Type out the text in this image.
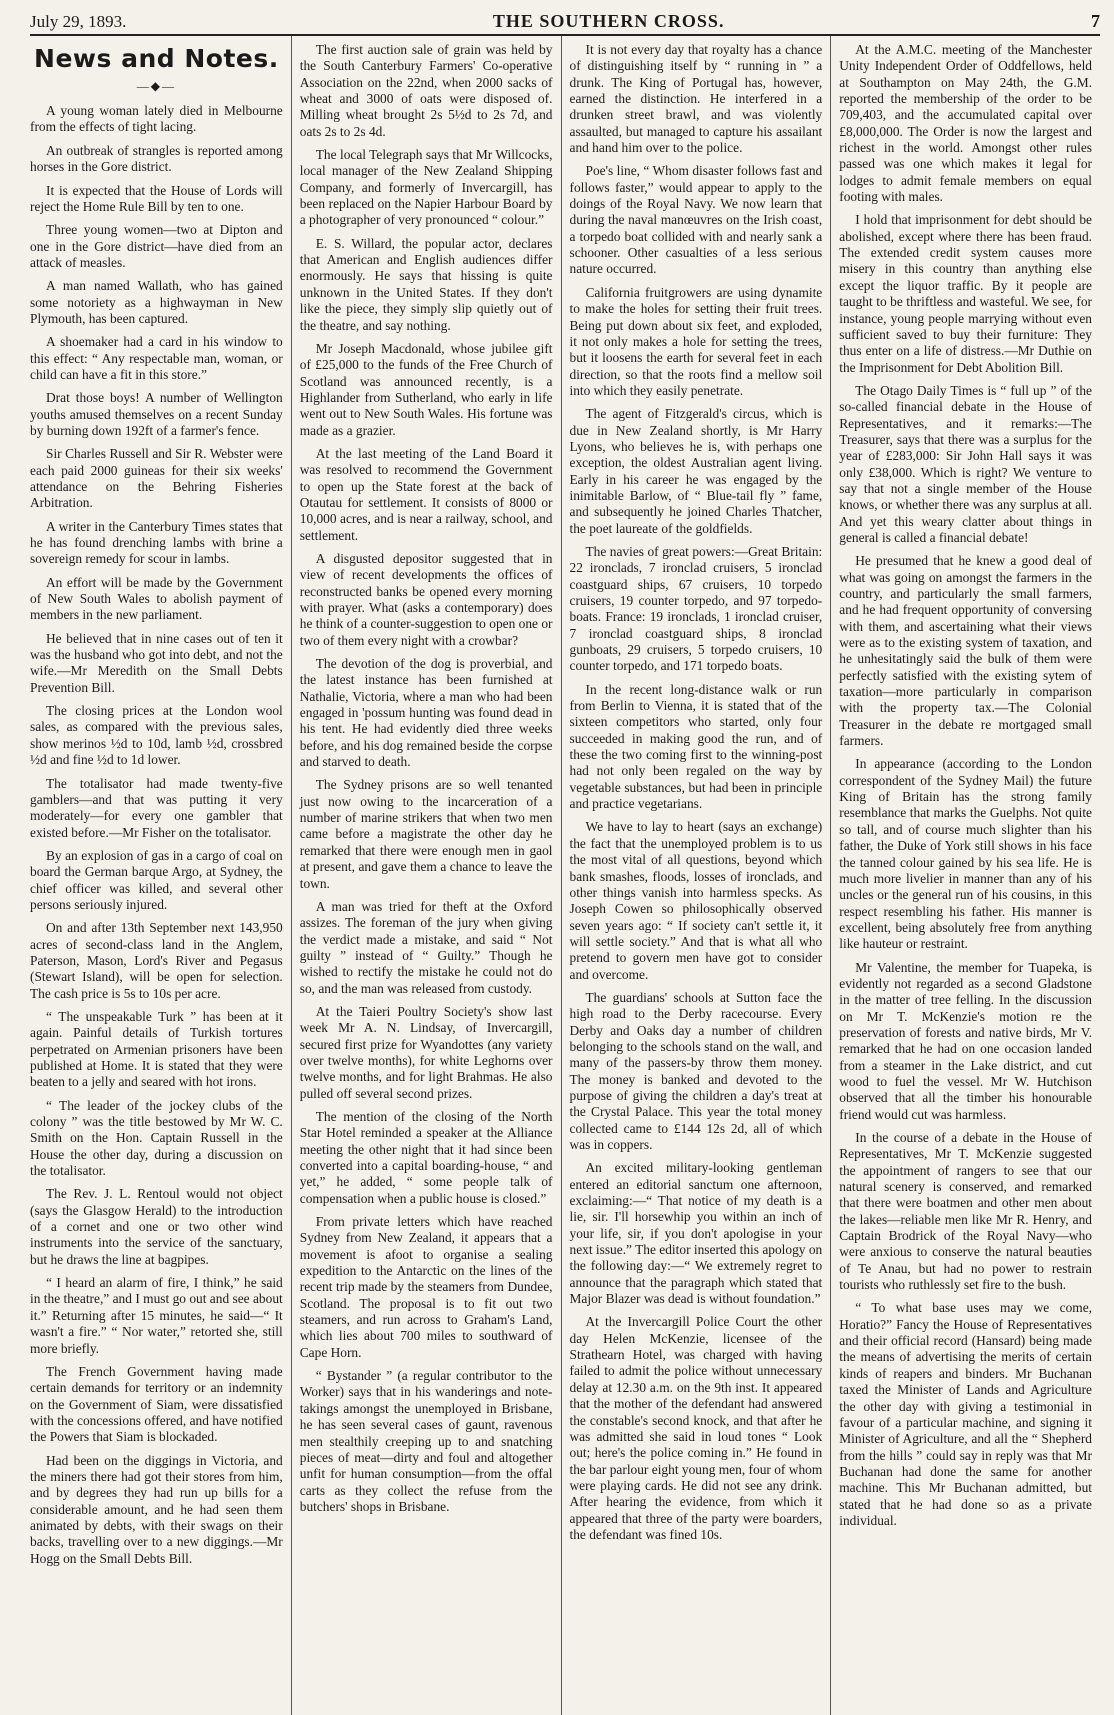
July 29, 1893.	THE SOUTHERN CROSS.	7
News and Notes.
—◆—

A young woman lately died in Melbourne from the effects of tight lacing.

An outbreak of strangles is reported among horses in the Gore district.

It is expected that the House of Lords will reject the Home Rule Bill by ten to one.

Three young women—two at Dipton and one in the Gore district—have died from an attack of measles.

A man named Wallath, who has gained some notoriety as a highwayman in New Plymouth, has been captured.

A shoemaker had a card in his window to this effect: “ Any respectable man, woman, or child can have a fit in this store.”

Drat those boys! A number of Wellington youths amused themselves on a recent Sunday by burning down 192ft of a farmer's fence.

Sir Charles Russell and Sir R. Webster were each paid 2000 guineas for their six weeks' attendance on the Behring Fisheries Arbitration.

A writer in the Canterbury Times states that he has found drenching lambs with brine a sovereign remedy for scour in lambs.

An effort will be made by the Government of New South Wales to abolish payment of members in the new parliament.

He believed that in nine cases out of ten it was the husband who got into debt, and not the wife.—Mr Meredith on the Small Debts Prevention Bill.

The closing prices at the London wool sales, as compared with the previous sales, show merinos ½d to 10d, lamb ½d, crossbred ½d and fine ½d to 1d lower.

The totalisator had made twenty-five gamblers—and that was putting it very moderately—for every one gambler that existed before.—Mr Fisher on the totalisator.

By an explosion of gas in a cargo of coal on board the German barque Argo, at Sydney, the chief officer was killed, and several other persons seriously injured.

On and after 13th September next 143,950 acres of second-class land in the Anglem, Paterson, Mason, Lord's River and Pegasus (Stewart Island), will be open for selection. The cash price is 5s to 10s per acre.

“ The unspeakable Turk ” has been at it again. Painful details of Turkish tortures perpetrated on Armenian prisoners have been published at Home. It is stated that they were beaten to a jelly and seared with hot irons.

“ The leader of the jockey clubs of the colony ” was the title bestowed by Mr W. C. Smith on the Hon. Captain Russell in the House the other day, during a discussion on the totalisator.

The Rev. J. L. Rentoul would not object (says the Glasgow Herald) to the introduction of a cornet and one or two other wind instruments into the service of the sanctuary, but he draws the line at bagpipes.

“ I heard an alarm of fire, I think,” he said in the theatre,” and I must go out and see about it.” Returning after 15 minutes, he said—“ It wasn't a fire.” “ Nor water,” retorted she, still more briefly.

The French Government having made certain demands for territory or an indemnity on the Government of Siam, were dissatisfied with the concessions offered, and have notified the Powers that Siam is blockaded.

Had been on the diggings in Victoria, and the miners there had got their stores from him, and by degrees they had run up bills for a considerable amount, and he had seen them animated by debts, with their swags on their backs, travelling over to a new diggings.—Mr Hogg on the Small Debts Bill.

The first auction sale of grain was held by the South Canterbury Farmers' Co-operative Association on the 22nd, when 2000 sacks of wheat and 3000 of oats were disposed of. Milling wheat brought 2s 5½d to 2s 7d, and oats 2s to 2s 4d.

The local Telegraph says that Mr Willcocks, local manager of the New Zealand Shipping Company, and formerly of Invercargill, has been replaced on the Napier Harbour Board by a photographer of very pronounced “ colour.”

E. S. Willard, the popular actor, declares that American and English audiences differ enormously. He says that hissing is quite unknown in the United States. If they don't like the piece, they simply slip quietly out of the theatre, and say nothing.

Mr Joseph Macdonald, whose jubilee gift of £25,000 to the funds of the Free Church of Scotland was announced recently, is a Highlander from Sutherland, who early in life went out to New South Wales. His fortune was made as a grazier.

At the last meeting of the Land Board it was resolved to recommend the Government to open up the State forest at the back of Otautau for settlement. It consists of 8000 or 10,000 acres, and is near a railway, school, and settlement.

A disgusted depositor suggested that in view of recent developments the offices of reconstructed banks be opened every morning with prayer. What (asks a contemporary) does he think of a counter-suggestion to open one or two of them every night with a crowbar?

The devotion of the dog is proverbial, and the latest instance has been furnished at Nathalie, Victoria, where a man who had been engaged in 'possum hunting was found dead in his tent. He had evidently died three weeks before, and his dog remained beside the corpse and starved to death.

The Sydney prisons are so well tenanted just now owing to the incarceration of a number of marine strikers that when two men came before a magistrate the other day he remarked that there were enough men in gaol at present, and gave them a chance to leave the town.

A man was tried for theft at the Oxford assizes. The foreman of the jury when giving the verdict made a mistake, and said “ Not guilty ” instead of “ Guilty.” Though he wished to rectify the mistake he could not do so, and the man was released from custody.

At the Taieri Poultry Society's show last week Mr A. N. Lindsay, of Invercargill, secured first prize for Wyandottes (any variety over twelve months), for white Leghorns over twelve months, and for light Brahmas. He also pulled off several second prizes.

The mention of the closing of the North Star Hotel reminded a speaker at the Alliance meeting the other night that it had since been converted into a capital boarding-house, “ and yet,” he added, “ some people talk of compensation when a public house is closed.”

From private letters which have reached Sydney from New Zealand, it appears that a movement is afoot to organise a sealing expedition to the Antarctic on the lines of the recent trip made by the steamers from Dundee, Scotland. The proposal is to fit out two steamers, and run across to Graham's Land, which lies about 700 miles to southward of Cape Horn.

“ Bystander ” (a regular contributor to the Worker) says that in his wanderings and note-takings amongst the unemployed in Brisbane, he has seen several cases of gaunt, ravenous men stealthily creeping up to and snatching pieces of meat—dirty and foul and altogether unfit for human consumption—from the offal carts as they collect the refuse from the butchers' shops in Brisbane.

It is not every day that royalty has a chance of distinguishing itself by “ running in ” a drunk. The King of Portugal has, however, earned the distinction. He interfered in a drunken street brawl, and was violently assaulted, but managed to capture his assailant and hand him over to the police.

Poe's line, “ Whom disaster follows fast and follows faster,” would appear to apply to the doings of the Royal Navy. We now learn that during the naval manœuvres on the Irish coast, a torpedo boat collided with and nearly sank a schooner. Other casualties of a less serious nature occurred.

California fruitgrowers are using dynamite to make the holes for setting their fruit trees. Being put down about six feet, and exploded, it not only makes a hole for setting the trees, but it loosens the earth for several feet in each direction, so that the roots find a mellow soil into which they easily penetrate.

The agent of Fitzgerald's circus, which is due in New Zealand shortly, is Mr Harry Lyons, who believes he is, with perhaps one exception, the oldest Australian agent living. Early in his career he was engaged by the inimitable Barlow, of “ Blue-tail fly ” fame, and subsequently he joined Charles Thatcher, the poet laureate of the goldfields.

The navies of great powers:—Great Britain: 22 ironclads, 7 ironclad cruisers, 5 ironclad coastguard ships, 67 cruisers, 10 torpedo cruisers, 19 counter torpedo, and 97 torpedo-boats. France: 19 ironclads, 1 ironclad cruiser, 7 ironclad coastguard ships, 8 ironclad gunboats, 29 cruisers, 5 torpedo cruisers, 10 counter torpedo, and 171 torpedo boats.

In the recent long-distance walk or run from Berlin to Vienna, it is stated that of the sixteen competitors who started, only four succeeded in making good the run, and of these the two coming first to the winning-post had not only been regaled on the way by vegetable substances, but had been in principle and practice vegetarians.

We have to lay to heart (says an exchange) the fact that the unemployed problem is to us the most vital of all questions, beyond which bank smashes, floods, losses of ironclads, and other things vanish into harmless specks. As Joseph Cowen so philosophically observed seven years ago: “ If society can't settle it, it will settle society.” And that is what all who pretend to govern men have got to consider and overcome.

The guardians' schools at Sutton face the high road to the Derby racecourse. Every Derby and Oaks day a number of children belonging to the schools stand on the wall, and many of the passers-by throw them money. The money is banked and devoted to the purpose of giving the children a day's treat at the Crystal Palace. This year the total money collected came to £144 12s 2d, all of which was in coppers.

An excited military-looking gentleman entered an editorial sanctum one afternoon, exclaiming:—“ That notice of my death is a lie, sir. I'll horsewhip you within an inch of your life, sir, if you don't apologise in your next issue.” The editor inserted this apology on the following day:—“ We extremely regret to announce that the paragraph which stated that Major Blazer was dead is without foundation.”

At the Invercargill Police Court the other day Helen McKenzie, licensee of the Strathearn Hotel, was charged with having failed to admit the police without unnecessary delay at 12.30 a.m. on the 9th inst. It appeared that the mother of the defendant had answered the constable's second knock, and that after he was admitted she said in loud tones “ Look out; here's the police coming in.” He found in the bar parlour eight young men, four of whom were playing cards. He did not see any drink. After hearing the evidence, from which it appeared that three of the party were boarders, the defendant was fined 10s.

At the A.M.C. meeting of the Manchester Unity Independent Order of Oddfellows, held at Southampton on May 24th, the G.M. reported the membership of the order to be 709,403, and the accumulated capital over £8,000,000. The Order is now the largest and richest in the world. Amongst other rules passed was one which makes it legal for lodges to admit female members on equal footing with males.

I hold that imprisonment for debt should be abolished, except where there has been fraud. The extended credit system causes more misery in this country than anything else except the liquor traffic. By it people are taught to be thriftless and wasteful. We see, for instance, young people marrying without even sufficient saved to buy their furniture: They thus enter on a life of distress.—Mr Duthie on the Imprisonment for Debt Abolition Bill.

The Otago Daily Times is “ full up ” of the so-called financial debate in the House of Representatives, and it remarks:—The Treasurer, says that there was a surplus for the year of £283,000: Sir John Hall says it was only £38,000. Which is right? We venture to say that not a single member of the House knows, or whether there was any surplus at all. And yet this weary clatter about things in general is called a financial debate!

He presumed that he knew a good deal of what was going on amongst the farmers in the country, and particularly the small farmers, and he had frequent opportunity of conversing with them, and ascertaining what their views were as to the existing system of taxation, and he unhesitatingly said the bulk of them were perfectly satisfied with the existing sytem of taxation—more particularly in comparison with the property tax.—The Colonial Treasurer in the debate re mortgaged small farmers.

In appearance (according to the London correspondent of the Sydney Mail) the future King of Britain has the strong family resemblance that marks the Guelphs. Not quite so tall, and of course much slighter than his father, the Duke of York still shows in his face the tanned colour gained by his sea life. He is much more livelier in manner than any of his uncles or the general run of his cousins, in this respect resembling his father. His manner is excellent, being absolutely free from anything like hauteur or restraint.

Mr Valentine, the member for Tuapeka, is evidently not regarded as a second Gladstone in the matter of tree felling. In the discussion on Mr T. McKenzie's motion re the preservation of forests and native birds, Mr V. remarked that he had on one occasion landed from a steamer in the Lake district, and cut wood to fuel the vessel. Mr W. Hutchison observed that all the timber his honourable friend would cut was harmless.

In the course of a debate in the House of Representatives, Mr T. McKenzie suggested the appointment of rangers to see that our natural scenery is conserved, and remarked that there were boatmen and other men about the lakes—reliable men like Mr R. Henry, and Captain Brodrick of the Royal Navy—who were anxious to conserve the natural beauties of Te Anau, but had no power to restrain tourists who ruthlessly set fire to the bush.

“ To what base uses may we come, Horatio?” Fancy the House of Representatives and their official record (Hansard) being made the means of advertising the merits of certain kinds of reapers and binders. Mr Buchanan taxed the Minister of Lands and Agriculture the other day with giving a testimonial in favour of a particular machine, and signing it Minister of Agriculture, and all the “ Shepherd from the hills ” could say in reply was that Mr Buchanan had done the same for another machine. This Mr Buchanan admitted, but stated that he had done so as a private individual.
